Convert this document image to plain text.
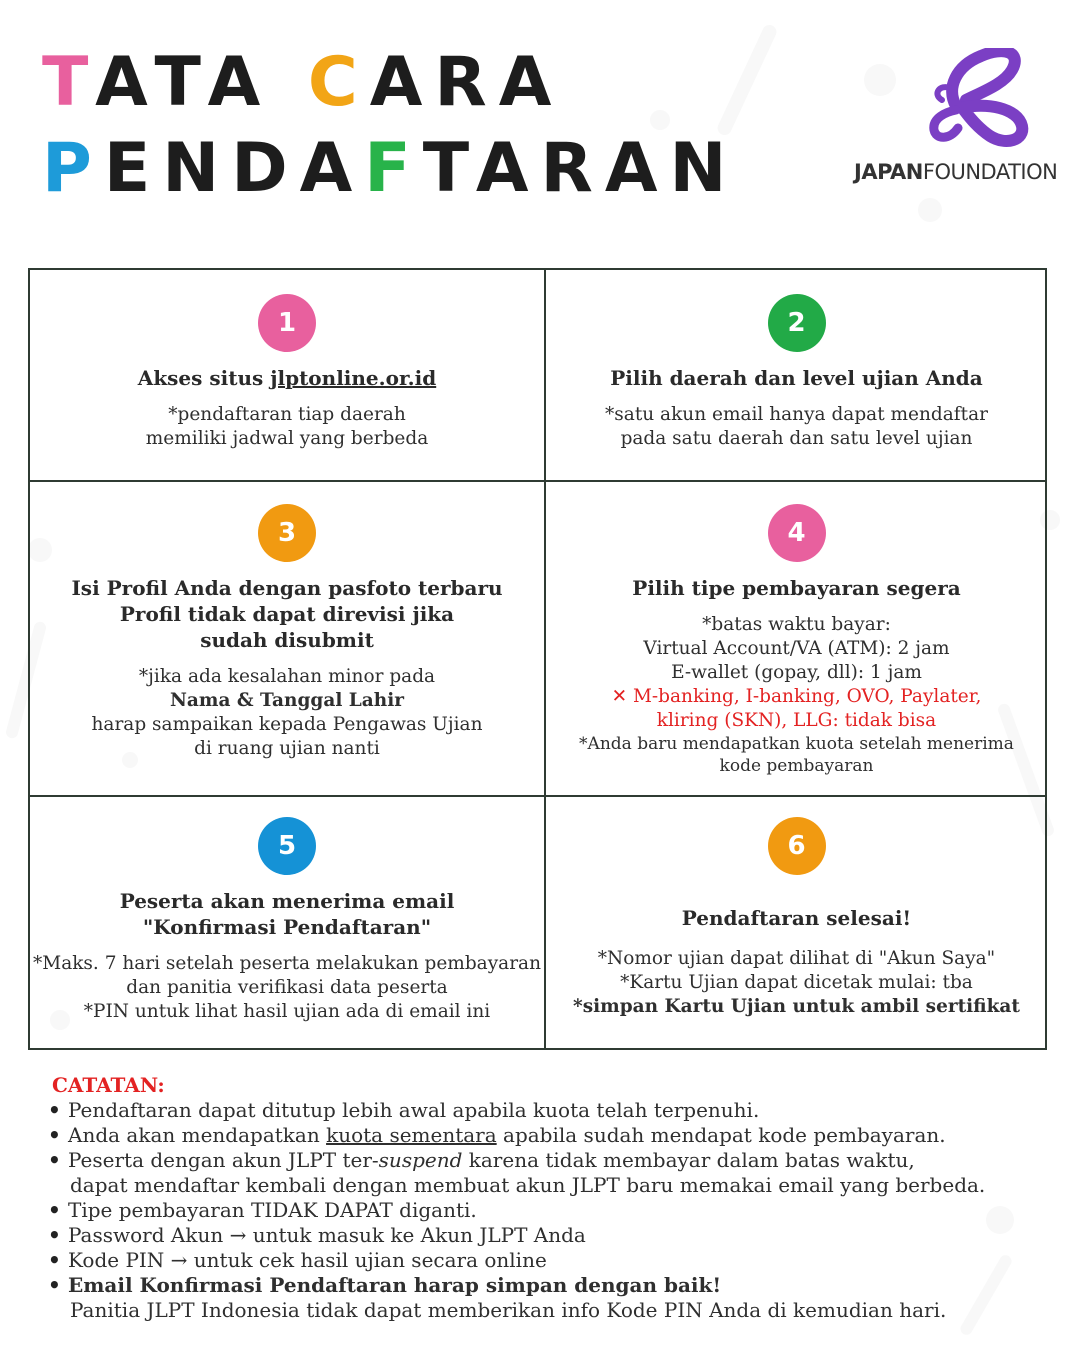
TATA CARA
PENDAFTARAN	JAPANFOUNDATION
1
Akses situs jlptonline.or.id
*pendaftaran tiap daerah
memiliki jadwal yang berbeda
2
Pilih daerah dan level ujian Anda
*satu akun email hanya dapat mendaftar
pada satu daerah dan satu level ujian
3
Isi Profil Anda dengan pasfoto terbaru
Profil tidak dapat direvisi jika
sudah disubmit
*jika ada kesalahan minor pada
Nama & Tanggal Lahir
harap sampaikan kepada Pengawas Ujian
di ruang ujian nanti
4
Pilih tipe pembayaran segera
*batas waktu bayar:
Virtual Account/VA (ATM): 2 jam
E-wallet (gopay, dll): 1 jam
✕ M-banking, I-banking, OVO, Paylater,
kliring (SKN), LLG: tidak bisa
*Anda baru mendapatkan kuota setelah menerima
kode pembayaran
5
Peserta akan menerima email
"Konfirmasi Pendaftaran"
*Maks. 7 hari setelah peserta melakukan pembayaran
dan panitia verifikasi data peserta
*PIN untuk lihat hasil ujian ada di email ini
6
Pendaftaran selesai!
*Nomor ujian dapat dilihat di "Akun Saya"
*Kartu Ujian dapat dicetak mulai: tba
*simpan Kartu Ujian untuk ambil sertifikat
CATATAN:
• Pendaftaran dapat ditutup lebih awal apabila kuota telah terpenuhi.
• Anda akan mendapatkan kuota sementara apabila sudah mendapat kode pembayaran.
• Peserta dengan akun JLPT ter-suspend karena tidak membayar dalam batas waktu,
dapat mendaftar kembali dengan membuat akun JLPT baru memakai email yang berbeda.
• Tipe pembayaran TIDAK DAPAT diganti.
• Password Akun → untuk masuk ke Akun JLPT Anda
• Kode PIN → untuk cek hasil ujian secara online
• Email Konfirmasi Pendaftaran harap simpan dengan baik!
Panitia JLPT Indonesia tidak dapat memberikan info Kode PIN Anda di kemudian hari.
